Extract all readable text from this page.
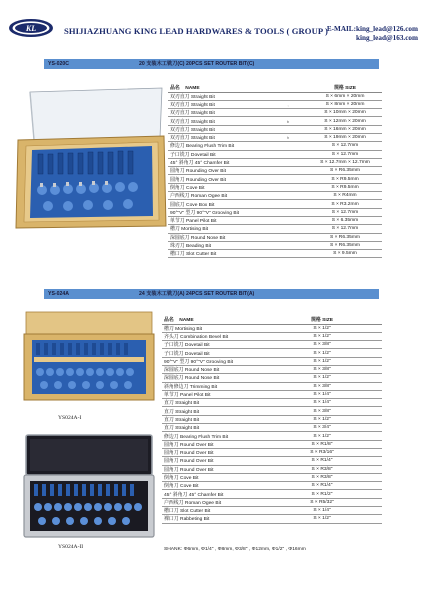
KL	SHIJIAZHUANG KING LEAD HARDWARES & TOOLS ( GROUP )
E-MAIL:king_lead@126.com
king_lead@163.com
YS-020C	20 支装木工铣刀(C) 20PCS SET ROUTER BIT(C)
品名 NAME		规格 SIZE
双刃直刀 Straight Bit		S × 6mm × 20mm
双刃直刀 Straight Bit	,	S × 8mm × 20mm
双刃直刀 Straight Bit		S × 10mm × 20mm
双刃直刀 Straight Bit	b	S × 12mm × 20mm
双刃直刀 Straight Bit		S × 16mm × 20mm
双刃直刀 Straight Bit	h	S × 19mm × 20mm
修边刀 Bearing Flush Trim Bit		S × 12.7mm
子口铣刀 Dovetail Bit		S × 12.7mm
45° 斜角刀 45° Chamfer Bit		S × 12.7mm × 12.7mm
圆角刀 Rounding Over Bit		S × R6.35mm
圆角刀 Rounding Over Bit		S × R9.5mm
倒角刀 Cove Bit		S × R9.5mm
户西线刀 Roman Ogee Bit		S × R4mm
圆底刀 Cove Box Bit		S × R3.2mm
90°"V" 型刀 90°"V" Grooving Bit		S × 12.7mm
单节刀 Panel Pilot Bit		S × 6.35mm
槽刀 Mortising Bit		S × 12.7mm
深圆底刀 Round Nose Bit		S × R6.35mm
珠刃刀 Beading Bit		S × R6.35mm
槽口刀 Slot Cutter Bit		S × 9.5mm
YS-024A	24 支装木工铣刀(A) 24PCS SET ROUTER BIT(A)
YS024A-I
YS024A-II
品名 NAME	规格 SIZE
槽刀 Mortising Bit	S × 1/2"
齐头刀 Combination Bevel Bit	S × 1/2"
子口铣刀 Dovetail Bit	S × 3/8"
子口铣刀 Dovetail Bit	S × 1/2"
90°"V" 型刀 90°"V" Grooving Bit	S × 1/2"
深圆底刀 Round Nose Bit	S × 3/8"
深圆底刀 Round Nose Bit	S × 1/2"
斜角修边刀 Trimming Bit	S × 3/8"
单节刀 Panel Pilot Bit	S × 1/4"
直刀 Straight Bit	S × 1/4"
直刀 Straight Bit	S × 3/8"
直刀 Straight Bit	S × 1/2"
直刀 Straight Bit	S × 3/4"
修边刀 Bearing Flush Trim Bit	S × 1/2"
圆角刀 Round Over Bit	S × R1/8"
圆角刀 Round Over Bit	S × R3/16"
圆角刀 Round Over Bit	S × R1/4"
圆角刀 Round Over Bit	S × R3/8"
倒角刀 Cove Bit	S × R3/8"
倒角刀 Cove Bit	S × R1/4"
45° 斜角刀 45° Chamfer Bit	S × R1/2"
户西线刀 Roman Ogee Bit	S × R5/32"
槽口刀 Slot Cutter Bit	S × 1/4"
裸口刀 Rabbeting Bit	S × 1/2"
SHANK: Φ6mm, Φ1/4" , Φ8mm, Φ3/8" , Φ12mm, Φ1/2" , Φ16mm
